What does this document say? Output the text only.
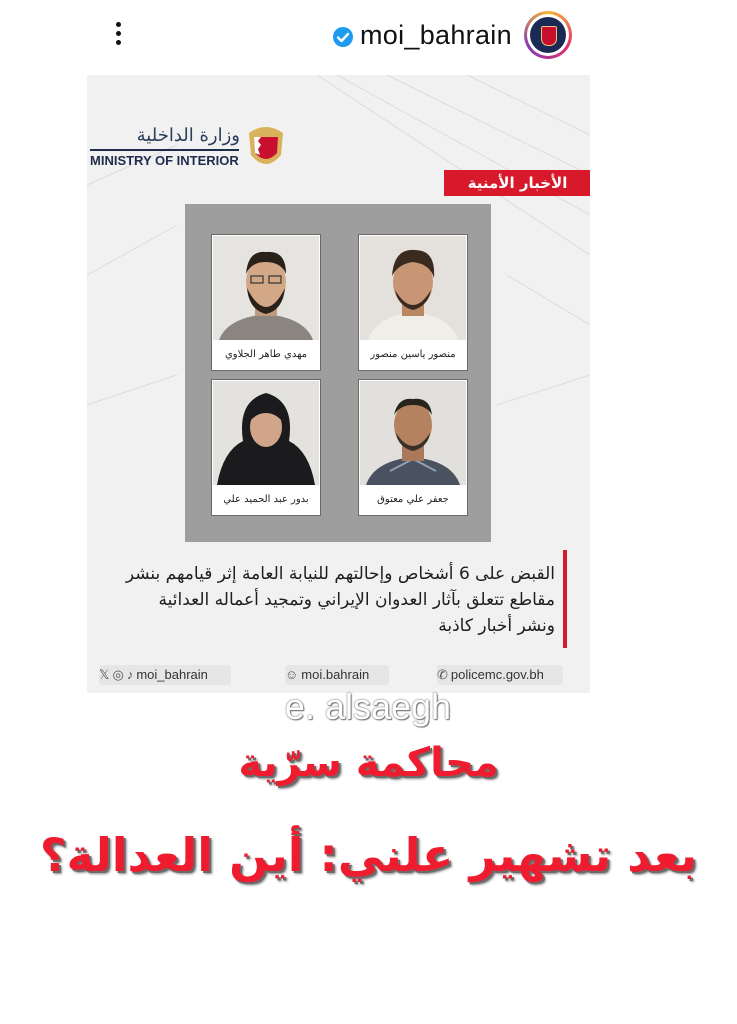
moi_bahrain
وزارة الداخلية
MINISTRY OF INTERIOR
الأخبار الأمنية
منصور ياسين منصور
مهدي طاهر الجلاوي
جعفر علي معتوق
بدور عبد الحميد علي
القبض على 6 أشخاص وإحالتهم للنيابة العامة إثر قيامهم بنشر
مقاطع تتعلق بآثار العدوان الإيراني وتمجيد أعماله العدائية
ونشر أخبار كاذبة
𝕏 ◎ ♪ moi_bahrain	☺ moi.bahrain	✆ policemc.gov.bh
e. alsaegh
محاكمة سرّية
بعد تشهير علني: أين العدالة؟
